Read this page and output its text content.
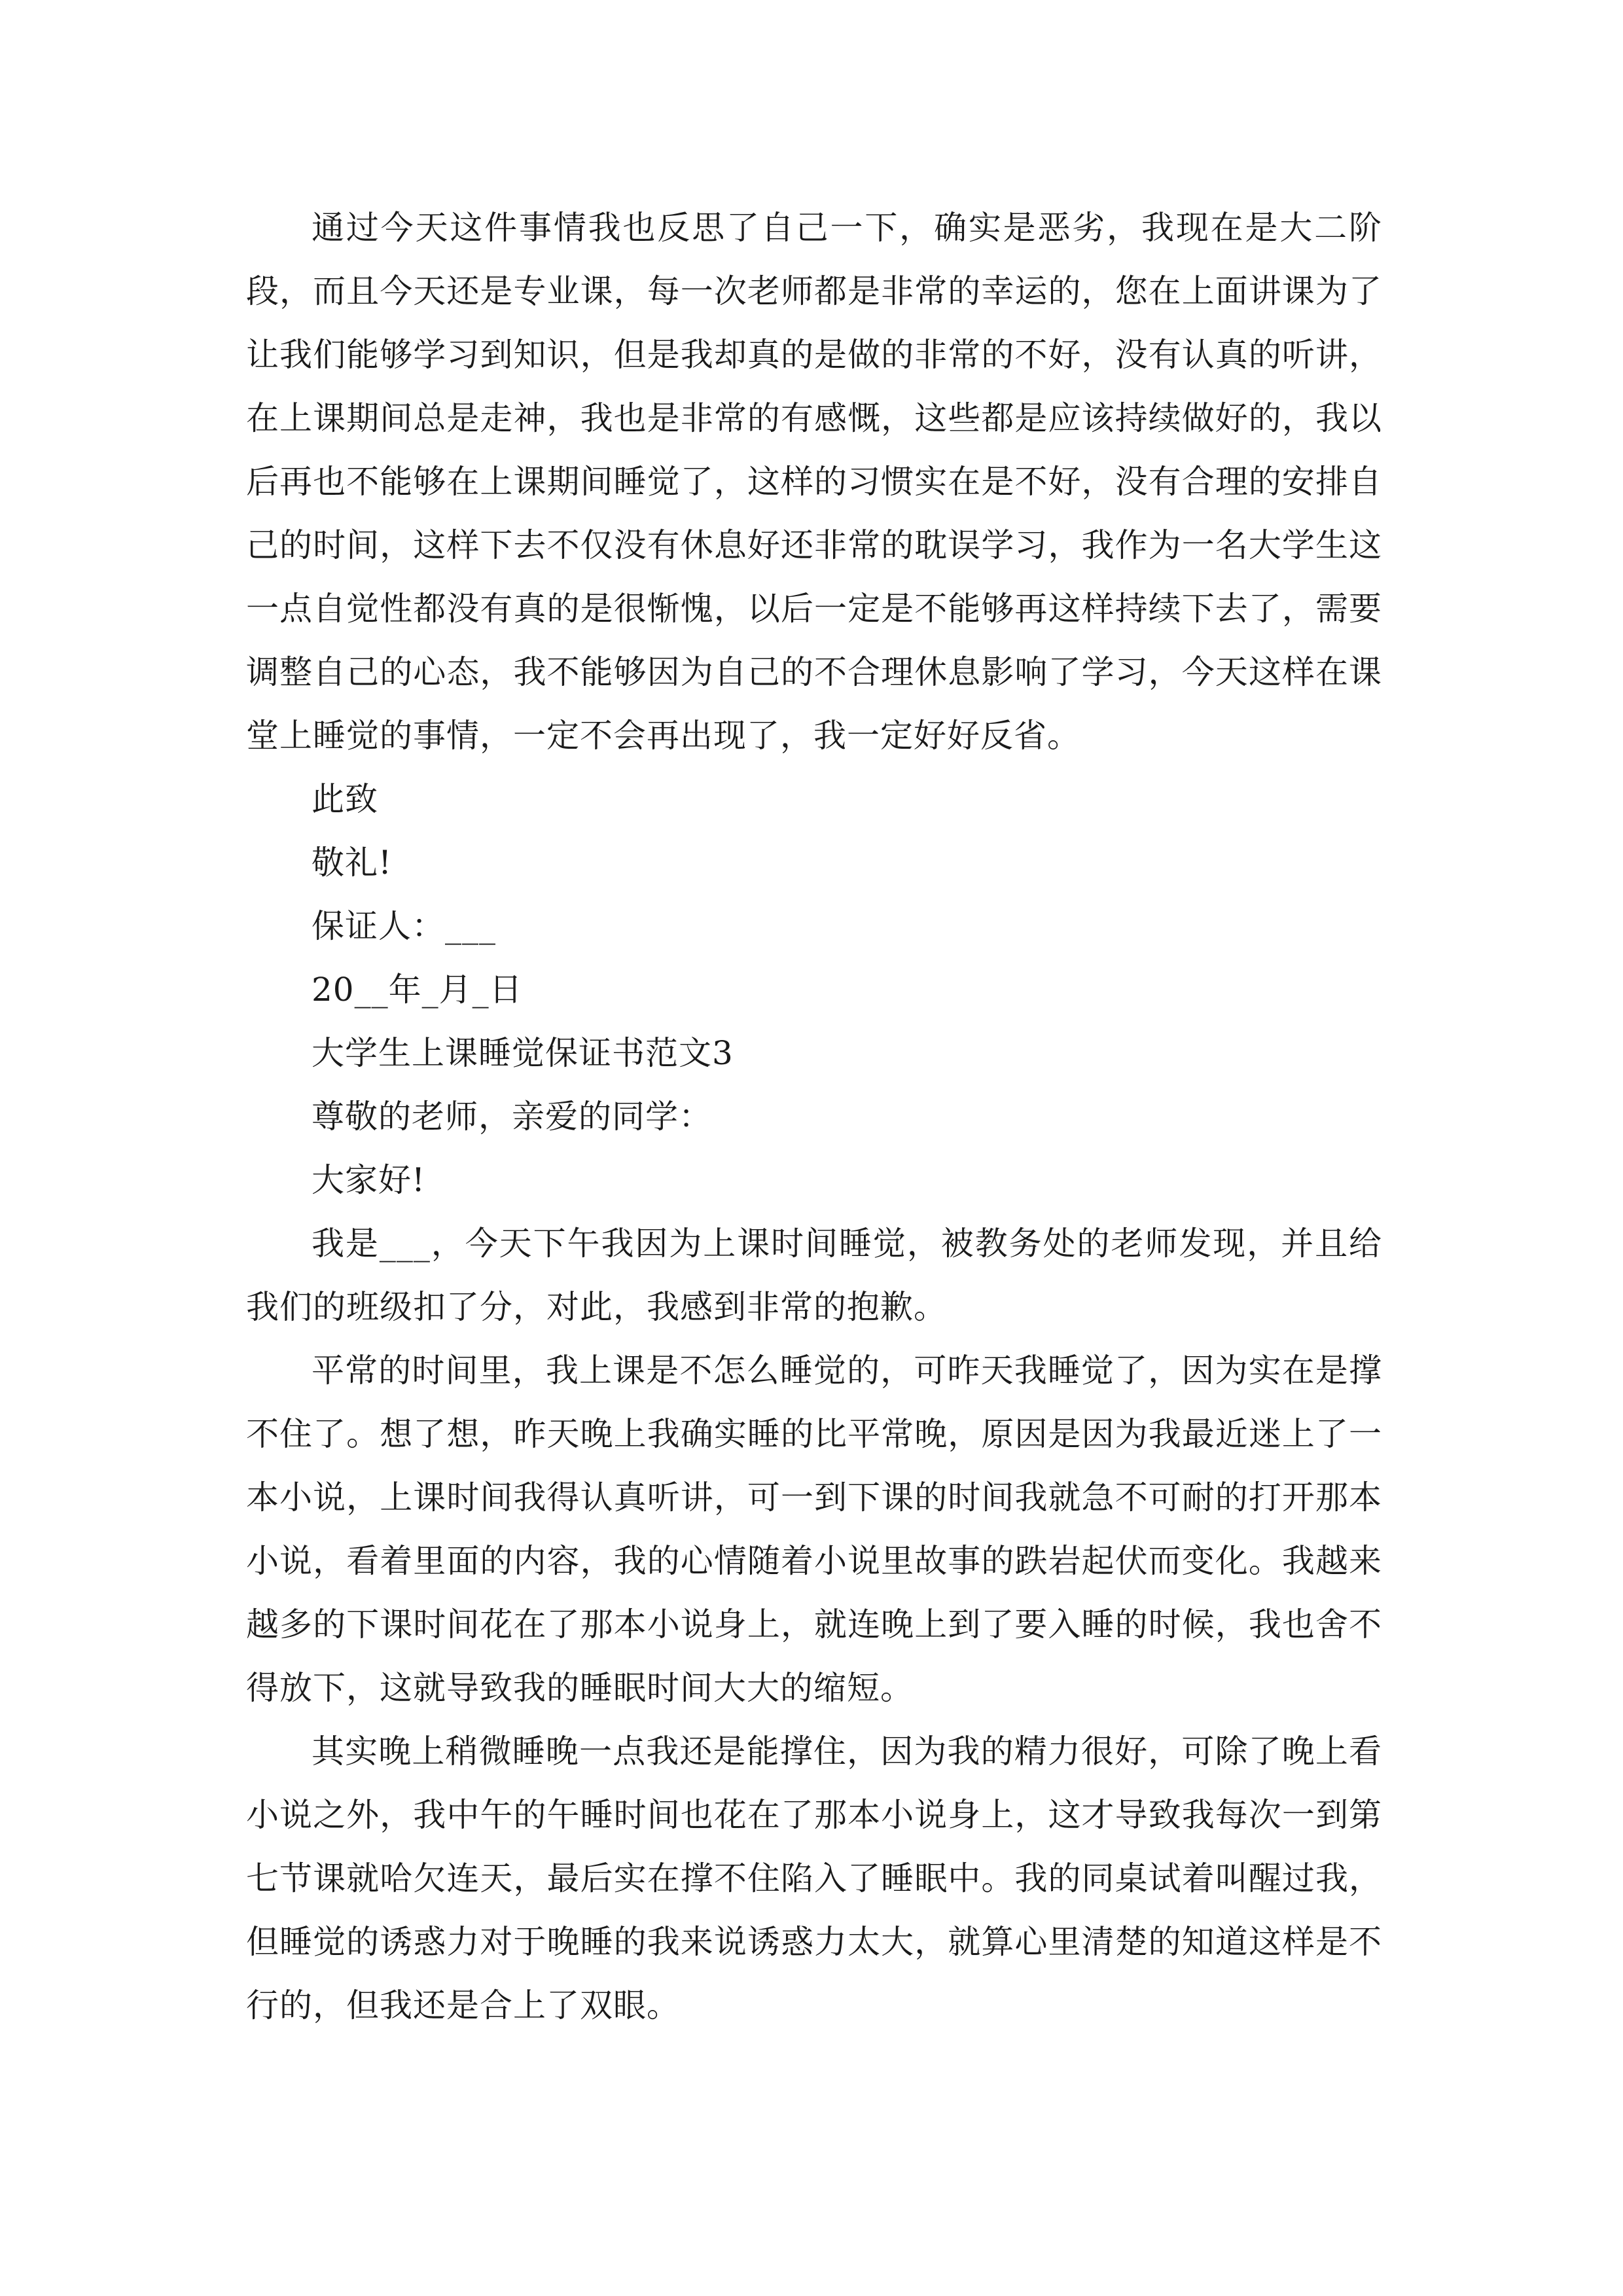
通过今天这件事情我也反思了自己一下，确实是恶劣，我现在是大二阶段，而且今天还是专业课，每一次老师都是非常的幸运的，您在上面讲课为了让我们能够学习到知识，但是我却真的是做的非常的不好，没有认真的听讲，在上课期间总是走神，我也是非常的有感慨，这些都是应该持续做好的，我以后再也不能够在上课期间睡觉了，这样的习惯实在是不好，没有合理的安排自己的时间，这样下去不仅没有休息好还非常的耽误学习，我作为一名大学生这一点自觉性都没有真的是很惭愧，以后一定是不能够再这样持续下去了，需要调整自己的心态，我不能够因为自己的不合理休息影响了学习，今天这样在课堂上睡觉的事情，一定不会再出现了，我一定好好反省。

此致

敬礼!

保证人：___

20__年_月_日

大学生上课睡觉保证书范文3

尊敬的老师，亲爱的同学：

大家好!

我是___，今天下午我因为上课时间睡觉，被教务处的老师发现，并且给我们的班级扣了分，对此，我感到非常的抱歉。

平常的时间里，我上课是不怎么睡觉的，可昨天我睡觉了，因为实在是撑不住了。想了想，昨天晚上我确实睡的比平常晚，原因是因为我最近迷上了一本小说，上课时间我得认真听讲，可一到下课的时间我就急不可耐的打开那本小说，看着里面的内容，我的心情随着小说里故事的跌岩起伏而变化。我越来越多的下课时间花在了那本小说身上，就连晚上到了要入睡的时候，我也舍不得放下，这就导致我的睡眠时间大大的缩短。

其实晚上稍微睡晚一点我还是能撑住，因为我的精力很好，可除了晚上看小说之外，我中午的午睡时间也花在了那本小说身上，这才导致我每次一到第七节课就哈欠连天，最后实在撑不住陷入了睡眠中。我的同桌试着叫醒过我，但睡觉的诱惑力对于晚睡的我来说诱惑力太大，就算心里清楚的知道这样是不行的，但我还是合上了双眼。
